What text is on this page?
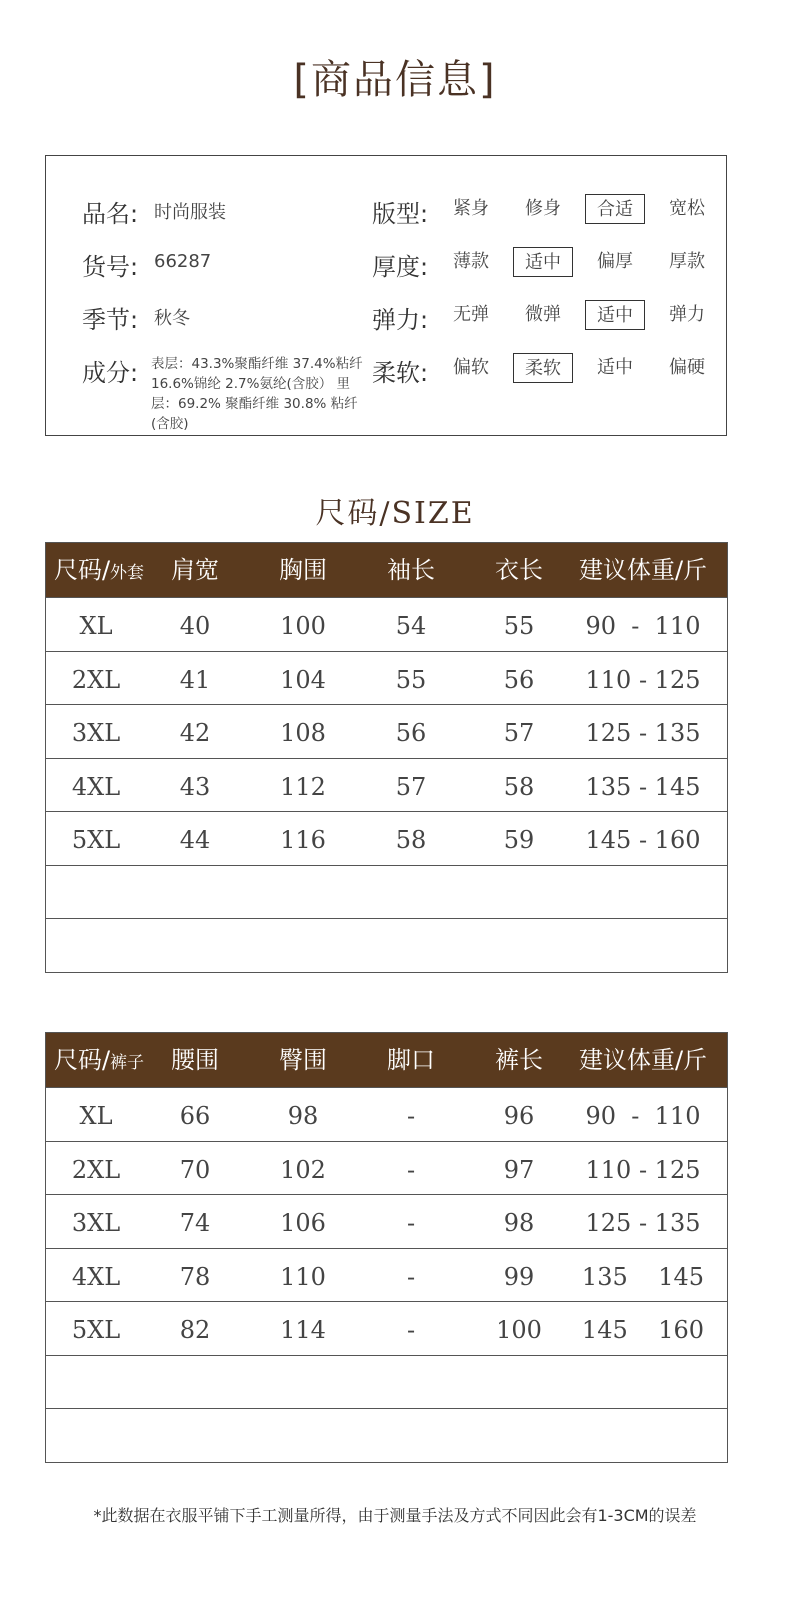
[商品信息]
品名: 时尚服装
货号: 66287
季节: 秋冬
成分: 表层：43.3%聚酯纤维 37.4%粘纤 16.6%锦纶 2.7%氨纶(含胶） 里层：69.2% 聚酯纤维 30.8% 粘纤 (含胶)
版型:	紧身	修身	合适	宽松
厚度:	薄款	适中	偏厚	厚款
弹力:	无弹	微弹	适中	弹力
柔软:	偏软	柔软	适中	偏硬
尺码/SIZE
尺码/外套	肩宽	胸围	袖长	衣长	建议体重/斤
XL	40	100	54	55	90  -  110
2XL	41	104	55	56	110 - 125
3XL	42	108	56	57	125 - 135
4XL	43	112	57	58	135 - 145
5XL	44	116	58	59	145 - 160
尺码/裤子	腰围	臀围	脚口	裤长	建议体重/斤
XL	66	98	-	96	90  -  110
2XL	70	102	-	97	110 - 125
3XL	74	106	-	98	125 - 135
4XL	78	110	-	99	135    145
5XL	82	114	-	100	145    160
*此数据在衣服平铺下手工测量所得，由于测量手法及方式不同因此会有1-3CM的误差
